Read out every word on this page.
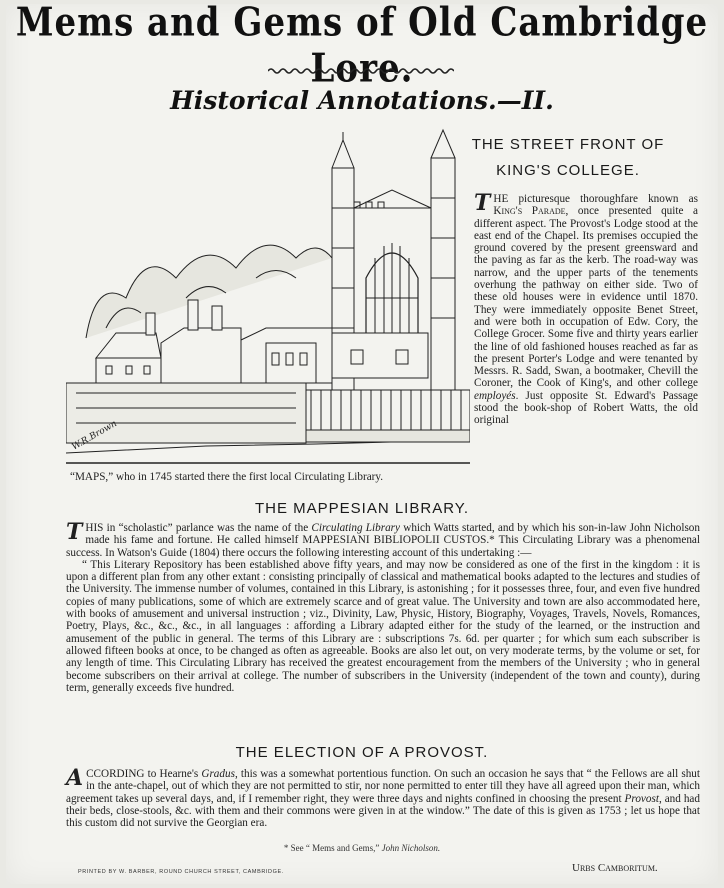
Mems and Gems of Old Cambridge Lore.
Historical Annotations.—II.
W.R.Brown
THE STREET FRONT OF
KING'S COLLEGE.

THE picturesque thoroughfare known as King's Parade, once presented quite a different aspect. The Provost's Lodge stood at the east end of the Chapel. Its premises occupied the ground covered by the present greensward and the paving as far as the kerb. The road-way was narrow, and the upper parts of the tenements overhung the pathway on either side. Two of these old houses were in evidence until 1870. They were immediately opposite Benet Street, and were both in occupation of Edw. Cory, the College Grocer. Some five and thirty years earlier the line of old fashioned houses reached as far as the present Porter's Lodge and were tenanted by Messrs. R. Sadd, Swan, a bootmaker, Chevill the Coroner, the Cook of King's, and other college employés. Just opposite St. Edward's Passage stood the book-shop of Robert Watts, the old original

“MAPS,” who in 1745 started there the first local Circulating Library.
THE MAPPESIAN LIBRARY.

THIS in “scholastic” parlance was the name of the Circulating Library which Watts started, and by which his son-in-law John Nicholson made his fame and fortune. He called himself MAPPESIANI BIBLIOPOLII CUSTOS.* This Circulating Library was a phenomenal success. In Watson's Guide (1804) there occurs the following interesting account of this undertaking :—

“ This Literary Repository has been established above fifty years, and may now be considered as one of the first in the kingdom : it is upon a different plan from any other extant : consisting principally of classical and mathematical books adapted to the lectures and studies of the University. The immense number of volumes, contained in this Library, is astonishing ; for it possesses three, four, and even five hundred copies of many publications, some of which are extremely scarce and of great value. The University and town are also accommodated here, with books of amusement and universal instruction ; viz., Divinity, Law, Physic, History, Biography, Voyages, Travels, Novels, Romances, Poetry, Plays, &c., &c., &c., in all languages : affording a Library adapted either for the study of the learned, or the instruction and amusement of the public in general. The terms of this Library are : subscriptions 7s. 6d. per quarter ; for which sum each subscriber is allowed fifteen books at once, to be changed as often as agreeable. Books are also let out, on very moderate terms, by the volume or set, for any length of time. This Circulating Library has received the greatest encouragement from the members of the University ; who in general become subscribers on their arrival at college. The number of subscribers in the University (independent of the town and county), during term, generally exceeds five hundred.

THE ELECTION OF A PROVOST.

ACCORDING to Hearne's Gradus, this was a somewhat portentious function. On such an occasion he says that “ the Fellows are all shut in the ante-chapel, out of which they are not permitted to stir, nor none permitted to enter till they have all agreed upon their man, which agreement takes up several days, and, if I remember right, they were three days and nights confined in choosing the present Provost, and had their beds, close-stools, &c. with them and their commons were given in at the window.” The date of this is given as 1753 ; let us hope that this custom did not survive the Georgian era.

* See “ Mems and Gems,” John Nicholson.
PRINTED BY W. BARBER, ROUND CHURCH STREET, CAMBRIDGE.	Urbs Camboritum.
